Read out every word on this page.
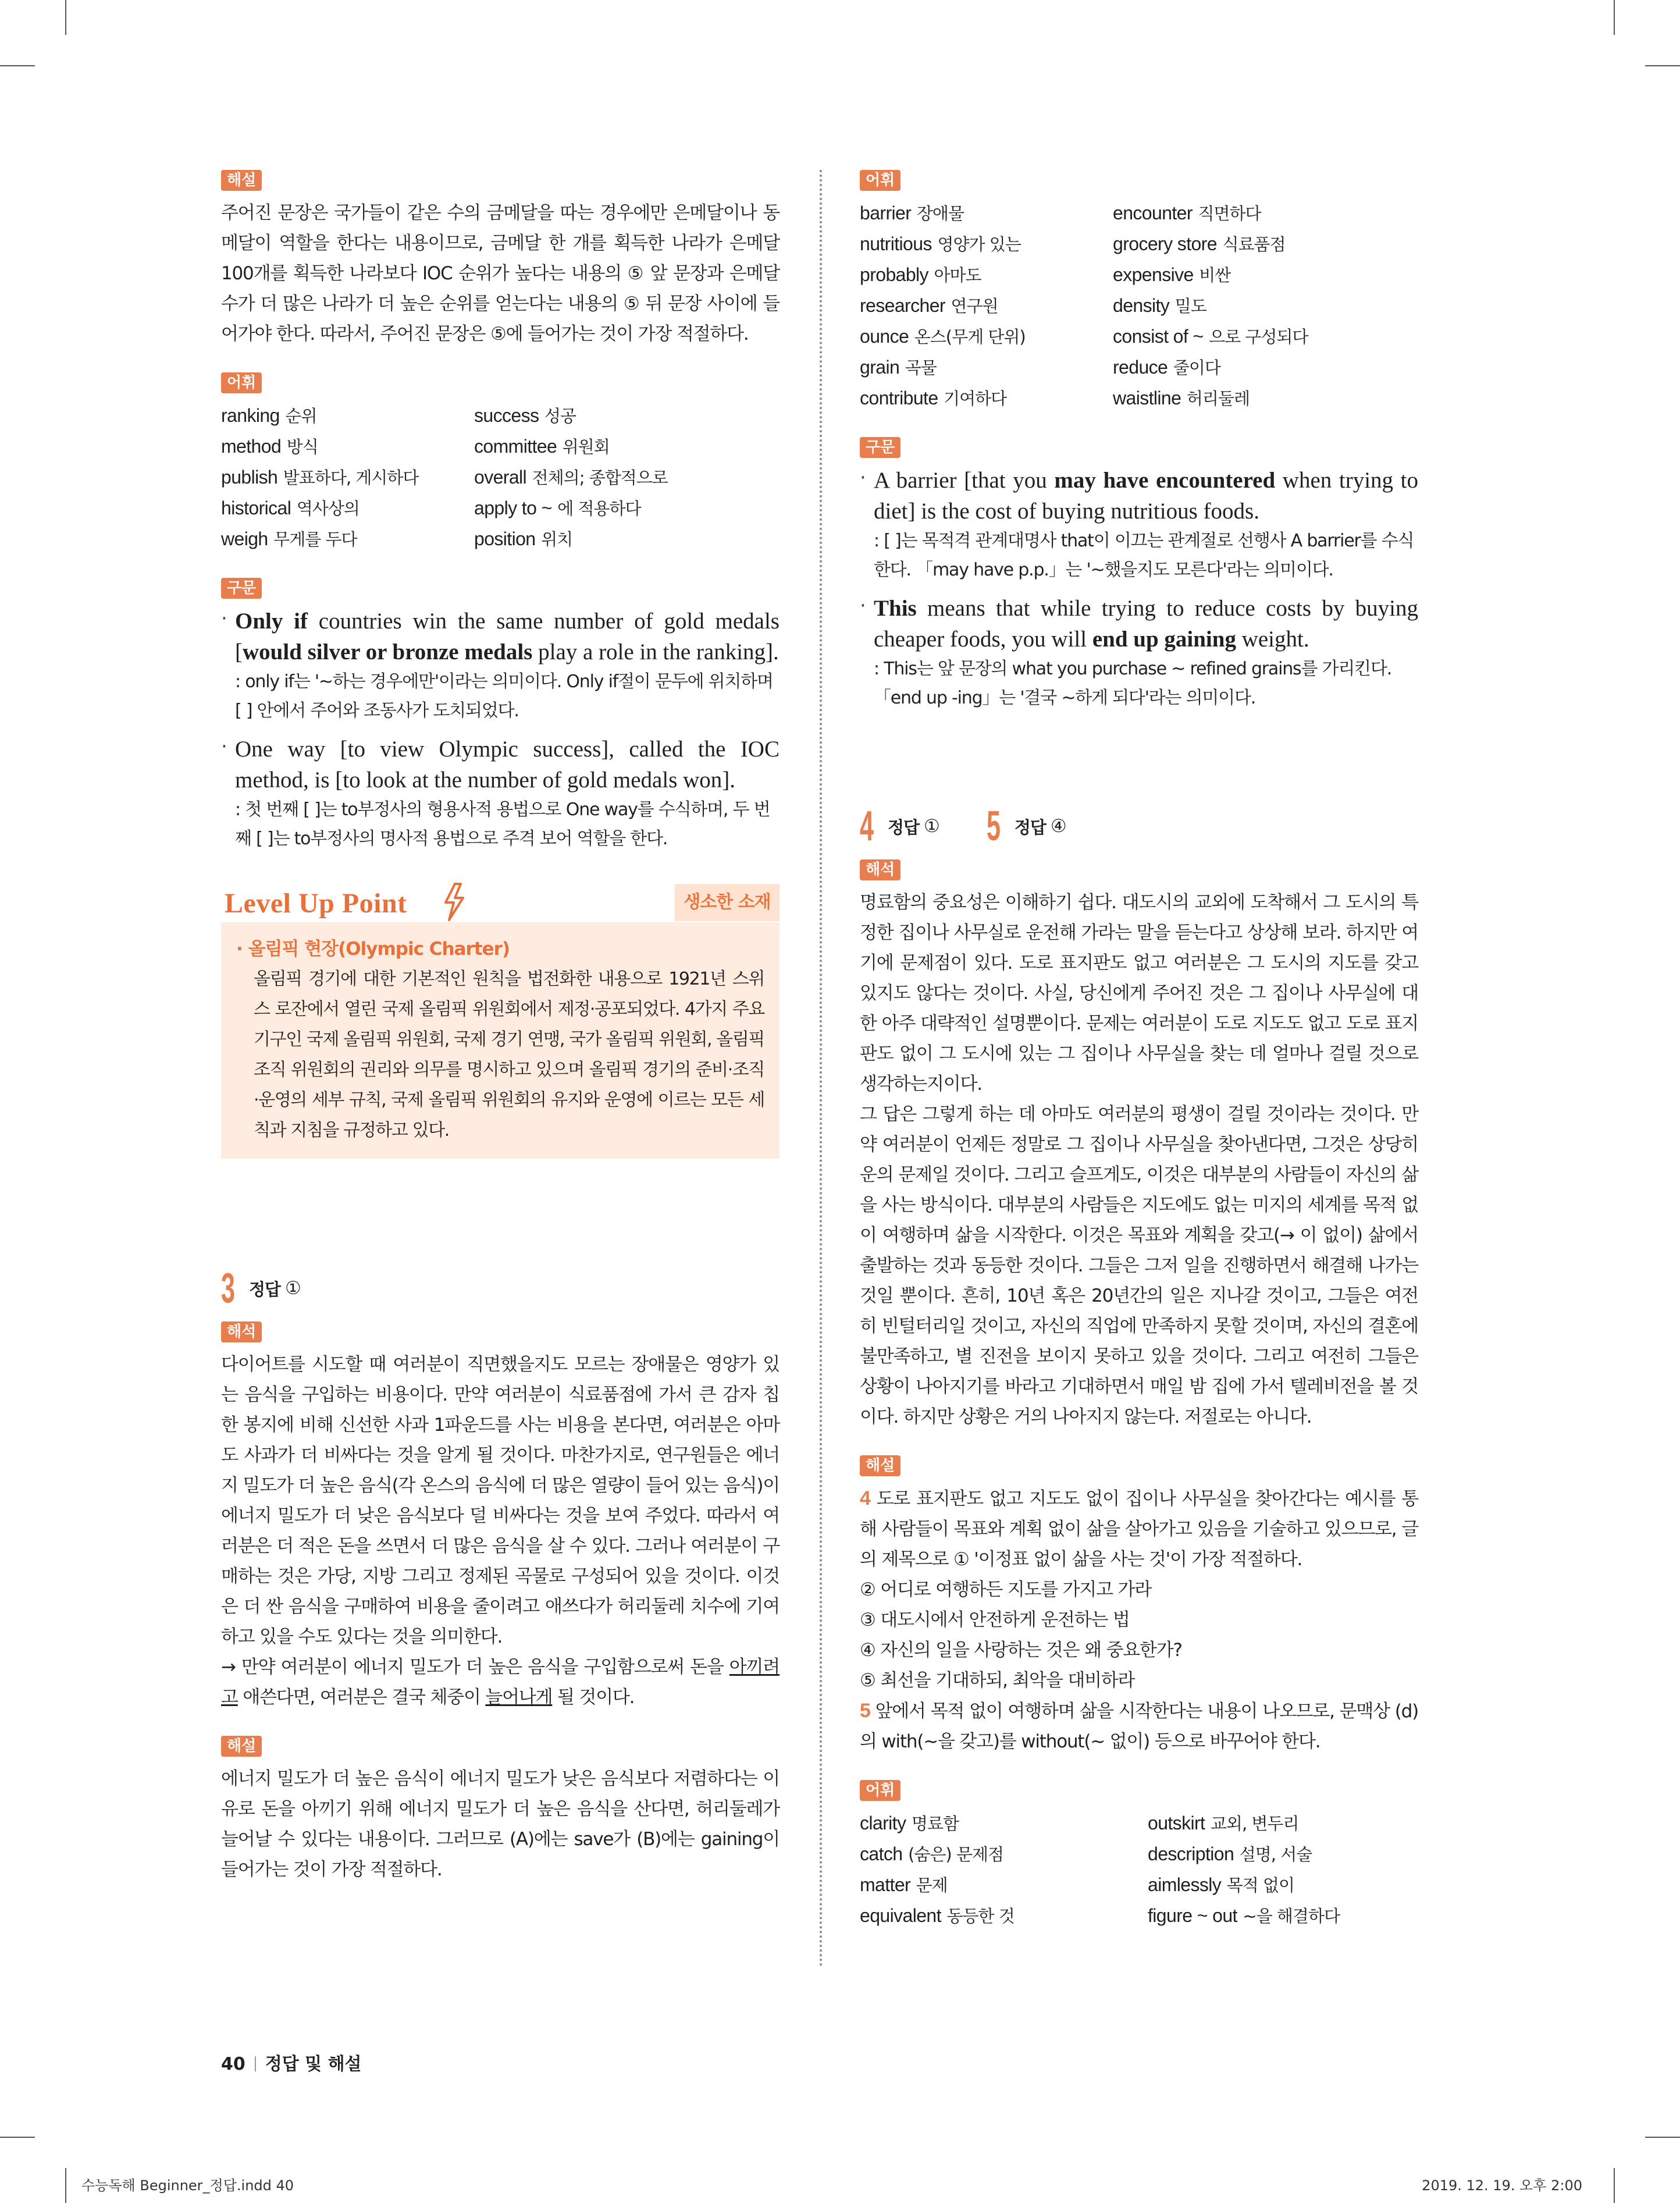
해설
주어진 문장은 국가들이 같은 수의 금메달을 따는 경우에만 은메달이나 동메달이 역할을 한다는 내용이므로, 금메달 한 개를 획득한 나라가 은메달 100개를 획득한 나라보다 IOC 순위가 높다는 내용의 ⑤ 앞 문장과 은메달 수가 더 많은 나라가 더 높은 순위를 얻는다는 내용의 ⑤ 뒤 문장 사이에 들어가야 한다. 따라서, 주어진 문장은 ⑤에 들어가는 것이 가장 적절하다.
어휘
ranking 순위	success 성공
method 방식	committee 위원회
publish 발표하다, 게시하다	overall 전체의; 종합적으로
historical 역사상의	apply to ~ 에 적용하다
weigh 무게를 두다	position 위치
구문
· Only if countries win the same number of gold medals [would silver or bronze medals play a role in the ranking].
: only if는 '~하는 경우에만'이라는 의미이다. Only if절이 문두에 위치하며 [ ] 안에서 주어와 조동사가 도치되었다.
· One way [to view Olympic success], called the IOC method, is [to look at the number of gold medals won].
: 첫 번째 [ ]는 to부정사의 형용사적 용법으로 One way를 수식하며, 두 번째 [ ]는 to부정사의 명사적 용법으로 주격 보어 역할을 한다.
Level Up Point	생소한 소재
· 올림픽 현장(Olympic Charter)
올림픽 경기에 대한 기본적인 원칙을 법전화한 내용으로 1921년 스위스 로잔에서 열린 국제 올림픽 위원회에서 제정·공포되었다. 4가지 주요 기구인 국제 올림픽 위원회, 국제 경기 연맹, 국가 올림픽 위원회, 올림픽 조직 위원회의 권리와 의무를 명시하고 있으며 올림픽 경기의 준비·조직·운영의 세부 규칙, 국제 올림픽 위원회의 유지와 운영에 이르는 모든 세칙과 지침을 규정하고 있다.
3 정답 ①
해석
다이어트를 시도할 때 여러분이 직면했을지도 모르는 장애물은 영양가 있는 음식을 구입하는 비용이다. 만약 여러분이 식료품점에 가서 큰 감자 칩 한 봉지에 비해 신선한 사과 1파운드를 사는 비용을 본다면, 여러분은 아마도 사과가 더 비싸다는 것을 알게 될 것이다. 마찬가지로, 연구원들은 에너지 밀도가 더 높은 음식(각 온스의 음식에 더 많은 열량이 들어 있는 음식)이 에너지 밀도가 더 낮은 음식보다 덜 비싸다는 것을 보여 주었다. 따라서 여러분은 더 적은 돈을 쓰면서 더 많은 음식을 살 수 있다. 그러나 여러분이 구매하는 것은 가당, 지방 그리고 정제된 곡물로 구성되어 있을 것이다. 이것은 더 싼 음식을 구매하여 비용을 줄이려고 애쓰다가 허리둘레 치수에 기여하고 있을 수도 있다는 것을 의미한다.
→ 만약 여러분이 에너지 밀도가 더 높은 음식을 구입함으로써 돈을 아끼려고 애쓴다면, 여러분은 결국 체중이 늘어나게 될 것이다.
해설
에너지 밀도가 더 높은 음식이 에너지 밀도가 낮은 음식보다 저렴하다는 이유로 돈을 아끼기 위해 에너지 밀도가 더 높은 음식을 산다면, 허리둘레가 늘어날 수 있다는 내용이다. 그러므로 (A)에는 save가 (B)에는 gaining이 들어가는 것이 가장 적절하다.
어휘
barrier 장애물	encounter 직면하다
nutritious 영양가 있는	grocery store 식료품점
probably 아마도	expensive 비싼
researcher 연구원	density 밀도
ounce 온스(무게 단위)	consist of ~ 으로 구성되다
grain 곡물	reduce 줄이다
contribute 기여하다	waistline 허리둘레
구문
· A barrier [that you may have encountered when trying to diet] is the cost of buying nutritious foods.
: [ ]는 목적격 관계대명사 that이 이끄는 관계절로 선행사 A barrier를 수식한다. 「may have p.p.」는 '~했을지도 모른다'라는 의미이다.
· This means that while trying to reduce costs by buying cheaper foods, you will end up gaining weight.
: This는 앞 문장의 what you purchase ~ refined grains를 가리킨다. 「end up -ing」는 '결국 ~하게 되다'라는 의미이다.
4 정답 ① 5 정답 ④
해석
명료함의 중요성은 이해하기 쉽다. 대도시의 교외에 도착해서 그 도시의 특정한 집이나 사무실로 운전해 가라는 말을 듣는다고 상상해 보라. 하지만 여기에 문제점이 있다. 도로 표지판도 없고 여러분은 그 도시의 지도를 갖고 있지도 않다는 것이다. 사실, 당신에게 주어진 것은 그 집이나 사무실에 대한 아주 대략적인 설명뿐이다. 문제는 여러분이 도로 지도도 없고 도로 표지판도 없이 그 도시에 있는 그 집이나 사무실을 찾는 데 얼마나 걸릴 것으로 생각하는지이다.
그 답은 그렇게 하는 데 아마도 여러분의 평생이 걸릴 것이라는 것이다. 만약 여러분이 언제든 정말로 그 집이나 사무실을 찾아낸다면, 그것은 상당히 운의 문제일 것이다. 그리고 슬프게도, 이것은 대부분의 사람들이 자신의 삶을 사는 방식이다. 대부분의 사람들은 지도에도 없는 미지의 세계를 목적 없이 여행하며 삶을 시작한다. 이것은 목표와 계획을 갖고(→ 이 없이) 삶에서 출발하는 것과 동등한 것이다. 그들은 그저 일을 진행하면서 해결해 나가는 것일 뿐이다. 흔히, 10년 혹은 20년간의 일은 지나갈 것이고, 그들은 여전히 빈털터리일 것이고, 자신의 직업에 만족하지 못할 것이며, 자신의 결혼에 불만족하고, 별 진전을 보이지 못하고 있을 것이다. 그리고 여전히 그들은 상황이 나아지기를 바라고 기대하면서 매일 밤 집에 가서 텔레비전을 볼 것이다. 하지만 상황은 거의 나아지지 않는다. 저절로는 아니다.
해설
4 도로 표지판도 없고 지도도 없이 집이나 사무실을 찾아간다는 예시를 통해 사람들이 목표와 계획 없이 삶을 살아가고 있음을 기술하고 있으므로, 글의 제목으로 ① '이정표 없이 삶을 사는 것'이 가장 적절하다.
② 어디로 여행하든 지도를 가지고 가라
③ 대도시에서 안전하게 운전하는 법
④ 자신의 일을 사랑하는 것은 왜 중요한가?
⑤ 최선을 기대하되, 최악을 대비하라
5 앞에서 목적 없이 여행하며 삶을 시작한다는 내용이 나오므로, 문맥상 (d)의 with(~을 갖고)를 without(~ 없이) 등으로 바꾸어야 한다.
어휘
clarity 명료함	outskirt 교외, 변두리
catch (숨은) 문제점	description 설명, 서술
matter 문제	aimlessly 목적 없이
equivalent 동등한 것	figure ~ out ~을 해결하다
40 정답 및 해설
수능독해 Beginner_정답.indd 40	2019. 12. 19. 오후 2:00
